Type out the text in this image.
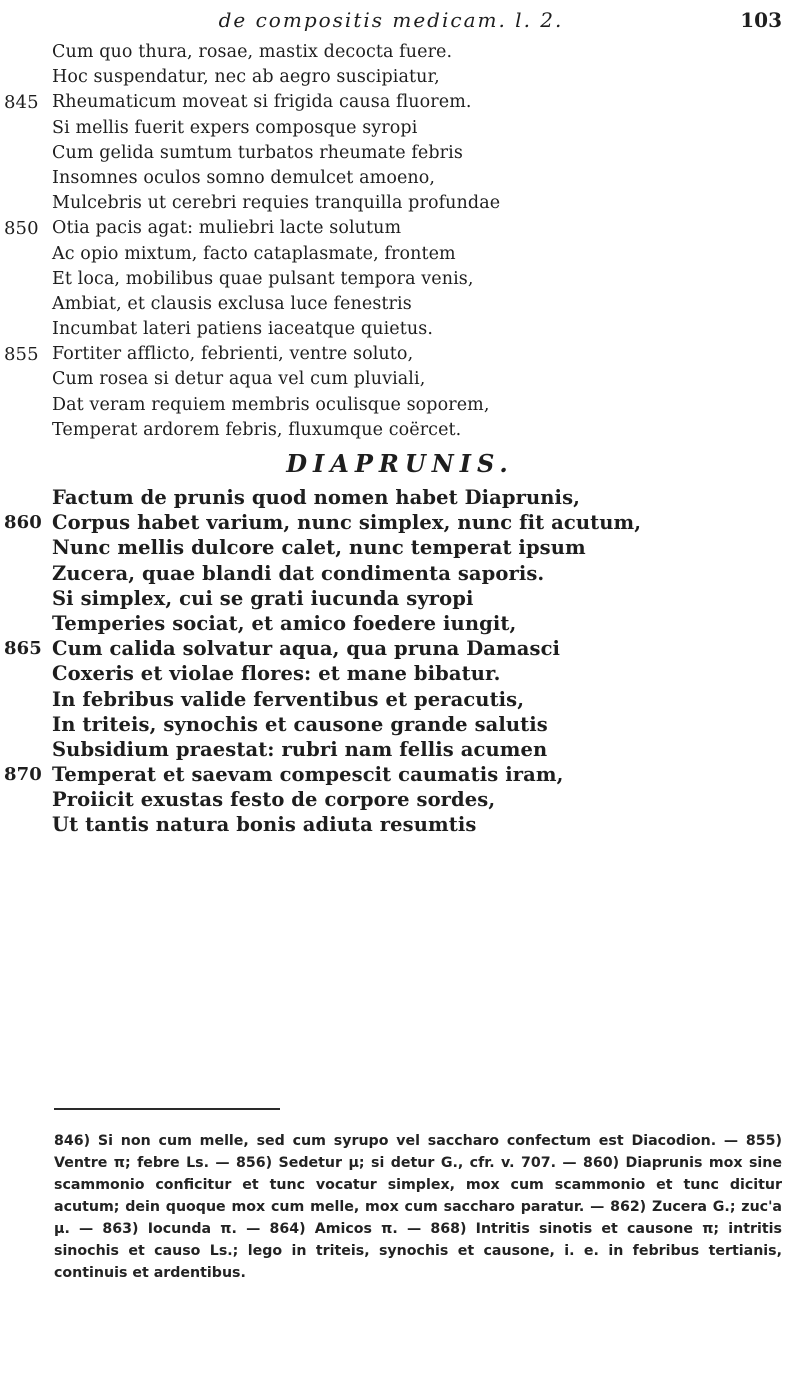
de compositis medicam. l. 2.	103
Cum quo thura, rosae, mastix decocta fuere.
Hoc suspendatur, nec ab aegro suscipiatur,
845 Rheumaticum moveat si frigida causa fluorem.
Si mellis fuerit expers composque syropi
Cum gelida sumtum turbatos rheumate febris
Insomnes oculos somno demulcet amoeno,
Mulcebris ut cerebri requies tranquilla profundae
850 Otia pacis agat: muliebri lacte solutum
Ac opio mixtum, facto cataplasmate, frontem
Et loca, mobilibus quae pulsant tempora venis,
Ambiat, et clausis exclusa luce fenestris
Incumbat lateri patiens iaceatque quietus.
855 Fortiter afflicto, febrienti, ventre soluto,
Cum rosea si detur aqua vel cum pluviali,
Dat veram requiem membris oculisque soporem,
Temperat ardorem febris, fluxumque coërcet.
DIAPRUNIS.
Factum de prunis quod nomen habet Diaprunis,
860 Corpus habet varium, nunc simplex, nunc fit acutum,
Nunc mellis dulcore calet, nunc temperat ipsum
Zucera, quae blandi dat condimenta saporis.
Si simplex, cui se grati iucunda syropi
Temperies sociat, et amico foedere iungit,
865 Cum calida solvatur aqua, qua pruna Damasci
Coxeris et violae flores: et mane bibatur.
In febribus valide ferventibus et peracutis,
In triteis, synochis et causone grande salutis
Subsidium praestat: rubri nam fellis acumen
870 Temperat et saevam compescit caumatis iram,
Proiicit exustas festo de corpore sordes,
Ut tantis natura bonis adiuta resumtis

846) Si non cum melle, sed cum syrupo vel saccharo confectum est Diacodion. — 855) Ventre π; febre Ls. — 856) Sedetur μ; si detur G., cfr. v. 707. — 860) Diaprunis mox sine scammonio conficitur et tunc vocatur simplex, mox cum scammonio et tunc dicitur acutum; dein quoque mox cum melle, mox cum saccharo paratur. — 862) Zucera G.; zuc'a μ. — 863) Iocunda π. — 864) Amicos π. — 868) Intritis sinotis et causone π; intritis sinochis et causo Ls.; lego in triteis, synochis et causone, i. e. in febribus tertianis, continuis et ardentibus.
